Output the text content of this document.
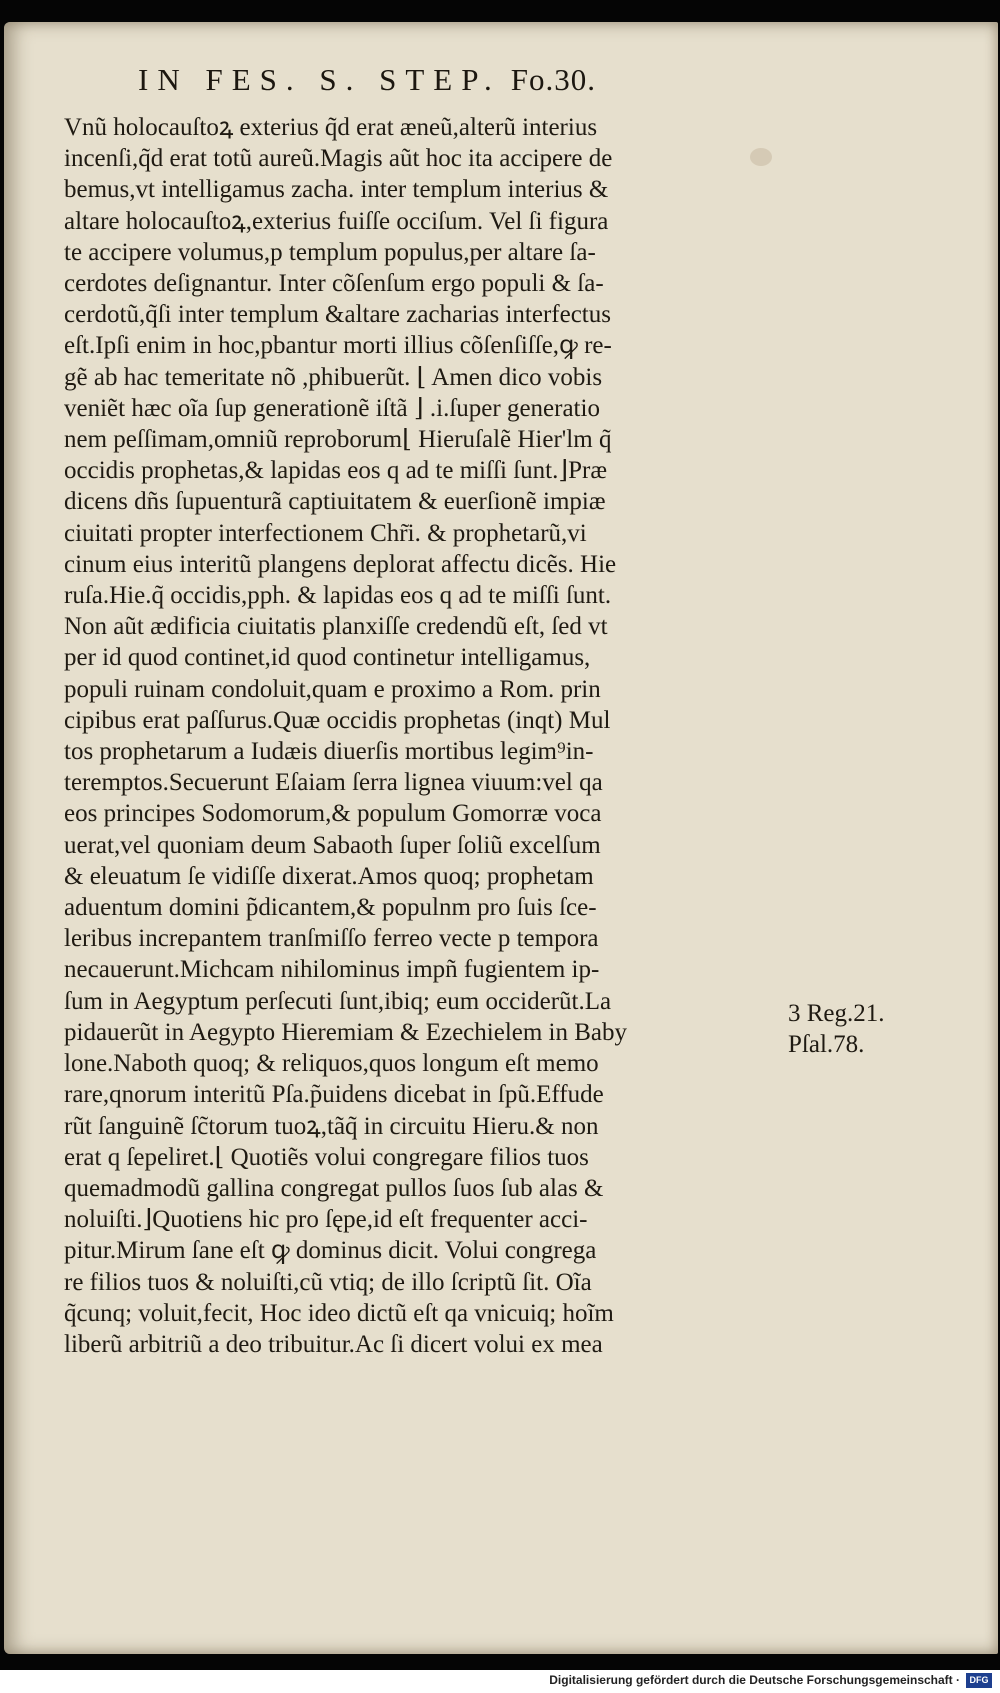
IN FES. S. STEP. Fo.30.
Vnũ holocauſtoꝝ exterius q̃d erat æneũ,alterũ interius
incenſi,q̃d erat totũ aureũ.Magis aũt hoc ita accipere de
bemus,vt intelligamus zacha. inter templum interius &
altare holocauſtoꝝ,exterius fuiſſe occiſum. Vel ſi figura
te accipere volumus,p templum populus,per altare ſa-
cerdotes deſignantur. Inter cõſenſum ergo populi & ſa-
cerdotũ,q̃ſi inter templum &altare zacharias interfectus
eſt.Ipſi enim in hoc,pbantur morti illius cõſenſiſſe,ꝙ re-
gẽ ab hac temeritate nõ ,phibuerũt. ⌊ Amen dico vobis
veniẽt hæc oĩa ſup generationẽ iſtã ⌋ .i.ſuper generatio
nem peſſimam,omniũ reproborum⌊ Hieruſalẽ Hier'lm q̃
occidis prophetas,& lapidas eos q ad te miſſi ſunt.⌋Præ
dicens dñs ſupuenturã captiuitatem & euerſionẽ impiæ
ciuitati propter interfectionem Chr̃i. & prophetarũ,vi
cinum eius interitũ plangens deplorat affectu dicẽs. Hie
ruſa.Hie.q̃ occidis,pph. & lapidas eos q ad te miſſi ſunt.
Non aũt ædificia ciuitatis planxiſſe credendũ eſt, ſed vt
per id quod continet,id quod continetur intelligamus,
populi ruinam condoluit,quam e proximo a Rom. prin
cipibus erat paſſurus.Quæ occidis prophetas (inqt) Mul
tos prophetarum a Iudæis diuerſis mortibus legim⁹in-
teremptos.Secuerunt Eſaiam ſerra lignea viuum:vel qa
eos principes Sodomorum,& populum Gomorræ voca
uerat,vel quoniam deum Sabaoth ſuper ſoliũ excelſum
& eleuatum ſe vidiſſe dixerat.Amos quoq; prophetam
aduentum domini p̃dicantem,& populnm pro ſuis ſce-
leribus increpantem tranſmiſſo ferreo vecte p tempora
necauerunt.Michcam nihilominus impñ fugientem ip-
ſum in Aegyptum perſecuti ſunt,ibiq; eum occiderũt.La
pidauerũt in Aegypto Hieremiam & Ezechielem in Baby
lone.Naboth quoq; & reliquos,quos longum eſt memo
rare,qnorum interitũ Pſa.p̃uidens dicebat in ſpũ.Effude
rũt ſanguinẽ ſc̃torum tuoꝝ,tãq̃ in circuitu Hieru.& non
erat q ſepeliret.⌊ Quotiẽs volui congregare filios tuos
quemadmodũ gallina congregat pullos ſuos ſub alas &
noluiſti.⌋Quotiens hic pro ſępe,id eſt frequenter acci-
pitur.Mirum ſane eſt ꝙ dominus dicit. Volui congrega
re filios tuos & noluiſti,cũ vtiq; de illo ſcriptũ ſit. Oĩa
q̃cunq; voluit,fecit, Hoc ideo dictũ eſt qa vnicuiq; hoĩm
liberũ arbitriũ a deo tribuitur.Ac ſi dicert volui ex mea
3 Reg.21.
Pſal.78.
Digitalisierung gefördert durch die Deutsche Forschungsgemeinschaft ·	DFG
